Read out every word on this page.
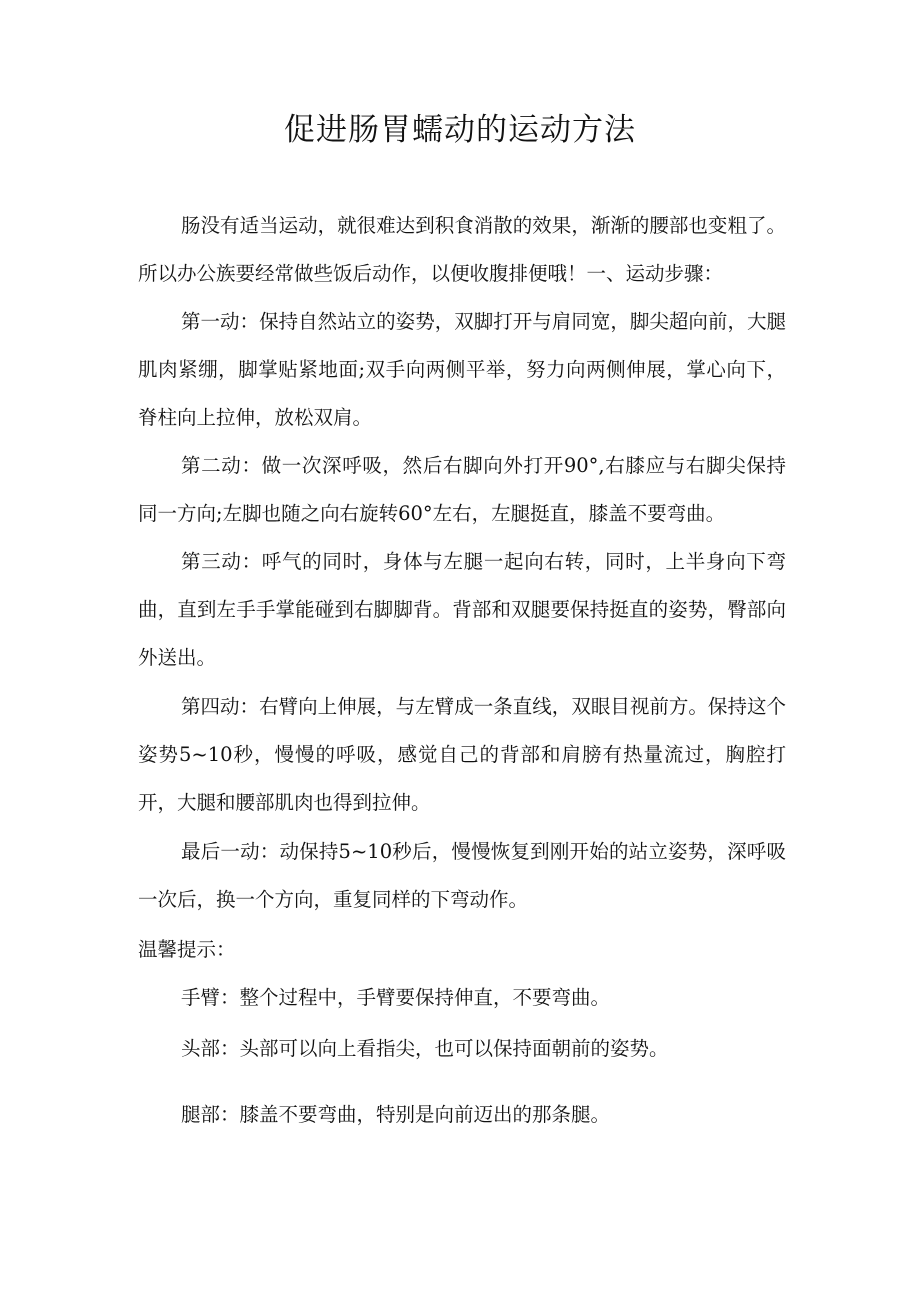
促进肠胃蠕动的运动方法

肠没有适当运动，就很难达到积食消散的效果，渐渐的腰部也变粗了。所以办公族要经常做些饭后动作，以便收腹排便哦！一、运动步骤：

第一动：保持自然站立的姿势，双脚打开与肩同宽，脚尖超向前，大腿肌肉紧绷，脚掌贴紧地面;双手向两侧平举，努力向两侧伸展，掌心向下，脊柱向上拉伸，放松双肩。

第二动：做一次深呼吸，然后右脚向外打开90°,右膝应与右脚尖保持同一方向;左脚也随之向右旋转60°左右，左腿挺直，膝盖不要弯曲。

第三动：呼气的同时，身体与左腿一起向右转，同时，上半身向下弯曲，直到左手手掌能碰到右脚脚背。背部和双腿要保持挺直的姿势，臀部向外送出。

第四动：右臂向上伸展，与左臂成一条直线，双眼目视前方。保持这个姿势5~10秒，慢慢的呼吸，感觉自己的背部和肩膀有热量流过，胸腔打开，大腿和腰部肌肉也得到拉伸。

最后一动：动保持5~10秒后，慢慢恢复到刚开始的站立姿势，深呼吸一次后，换一个方向，重复同样的下弯动作。

温馨提示：

手臂：整个过程中，手臂要保持伸直，不要弯曲。

头部：头部可以向上看指尖，也可以保持面朝前的姿势。

腿部：膝盖不要弯曲，特别是向前迈出的那条腿。
